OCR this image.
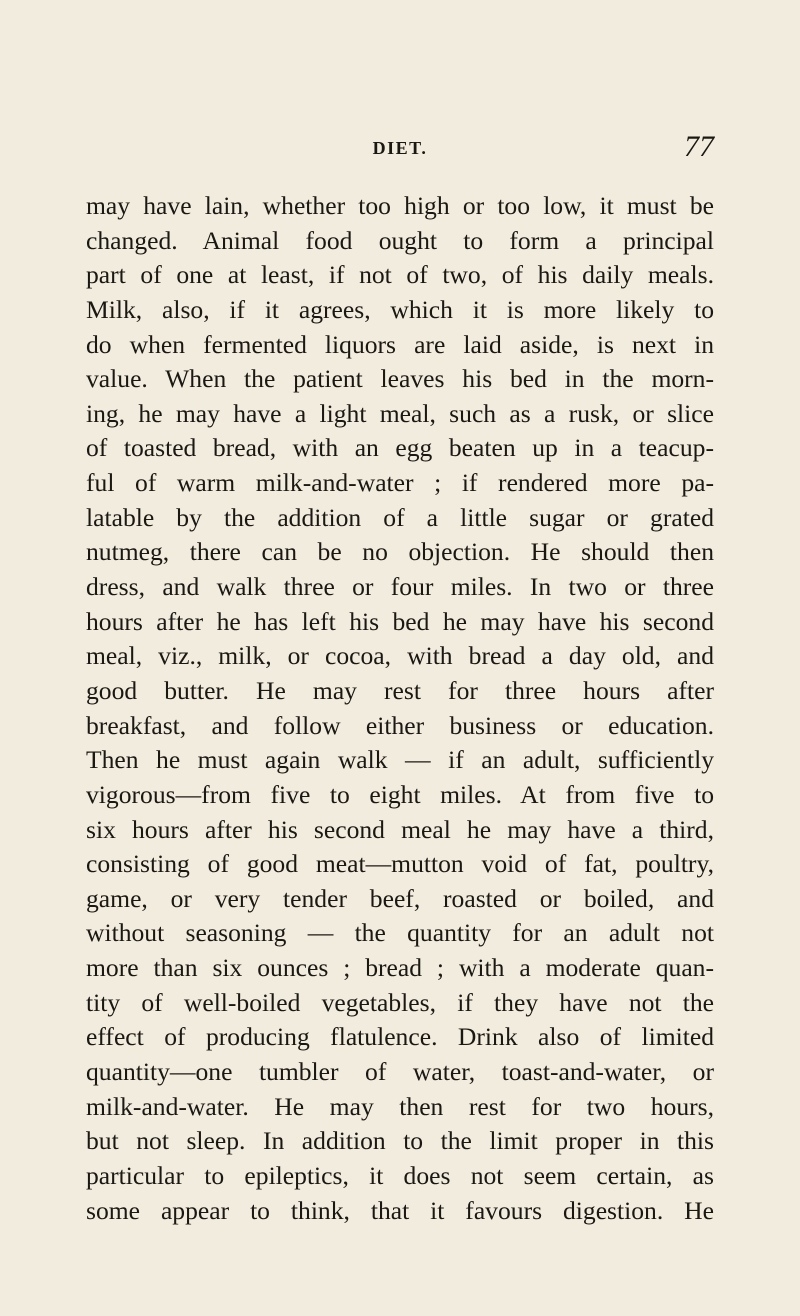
DIET.	77
may have lain, whether too high or too low, it must be
changed. Animal food ought to form a principal
part of one at least, if not of two, of his daily meals.
Milk, also, if it agrees, which it is more likely to
do when fermented liquors are laid aside, is next in
value. When the patient leaves his bed in the morn-
ing, he may have a light meal, such as a rusk, or slice
of toasted bread, with an egg beaten up in a teacup-
ful of warm milk-and-water ; if rendered more pa-
latable by the addition of a little sugar or grated
nutmeg, there can be no objection. He should then
dress, and walk three or four miles. In two or three
hours after he has left his bed he may have his second
meal, viz., milk, or cocoa, with bread a day old, and
good butter. He may rest for three hours after
breakfast, and follow either business or education.
Then he must again walk — if an adult, sufficiently
vigorous—from five to eight miles. At from five to
six hours after his second meal he may have a third,
consisting of good meat—mutton void of fat, poultry,
game, or very tender beef, roasted or boiled, and
without seasoning — the quantity for an adult not
more than six ounces ; bread ; with a moderate quan-
tity of well-boiled vegetables, if they have not the
effect of producing flatulence. Drink also of limited
quantity—one tumbler of water, toast-and-water, or
milk-and-water. He may then rest for two hours,
but not sleep. In addition to the limit proper in this
particular to epileptics, it does not seem certain, as
some appear to think, that it favours digestion. He
